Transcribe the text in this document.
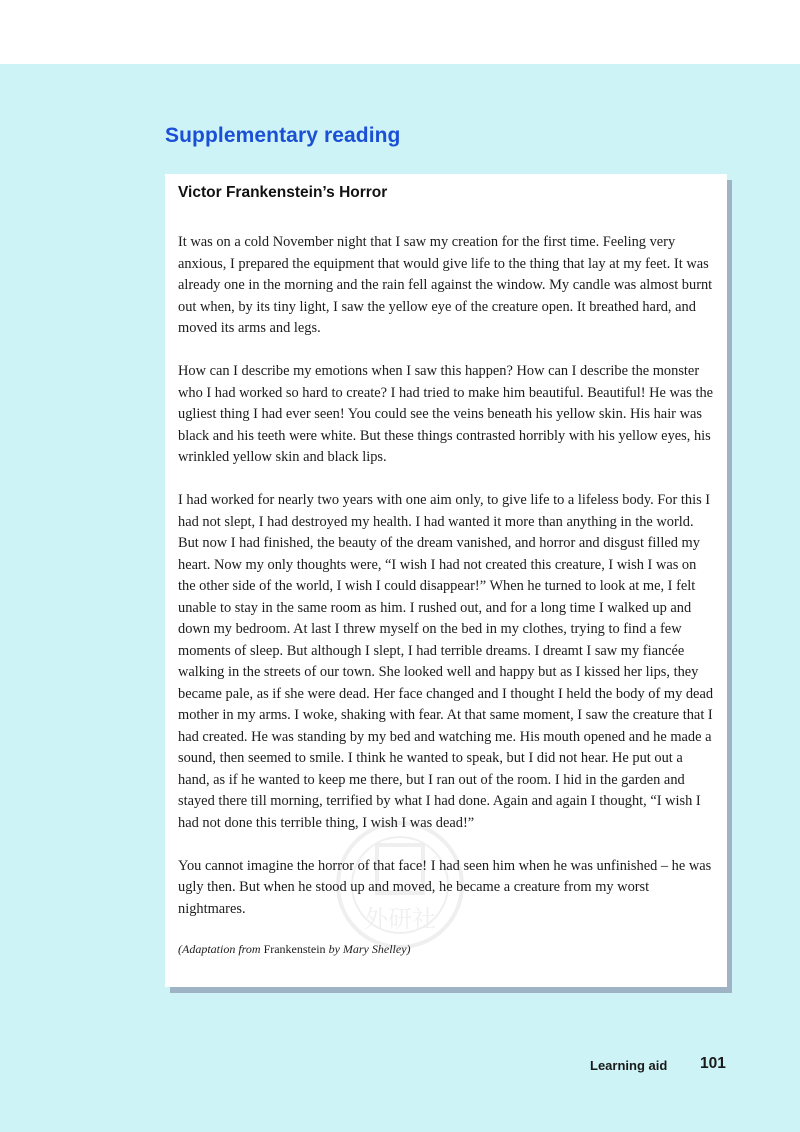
Supplementary reading
Victor Frankenstein’s Horror

It was on a cold November night that I saw my creation for the first time. Feeling very anxious, I prepared the equipment that would give life to the thing that lay at my feet. It was already one in the morning and the rain fell against the window. My candle was almost burnt out when, by its tiny light, I saw the yellow eye of the creature open. It breathed hard, and moved its arms and legs.

How can I describe my emotions when I saw this happen? How can I describe the monster who I had worked so hard to create? I had tried to make him beautiful. Beautiful! He was the ugliest thing I had ever seen! You could see the veins beneath his yellow skin. His hair was black and his teeth were white. But these things contrasted horribly with his yellow eyes, his wrinkled yellow skin and black lips.

I had worked for nearly two years with one aim only, to give life to a lifeless body. For this I had not slept, I had destroyed my health. I had wanted it more than anything in the world. But now I had finished, the beauty of the dream vanished, and horror and disgust filled my heart. Now my only thoughts were, “I wish I had not created this creature, I wish I was on the other side of the world, I wish I could disappear!” When he turned to look at me, I felt unable to stay in the same room as him. I rushed out, and for a long time I walked up and down my bedroom. At last I threw myself on the bed in my clothes, trying to find a few moments of sleep. But although I slept, I had terrible dreams. I dreamt I saw my fiancée walking in the streets of our town. She looked well and happy but as I kissed her lips, they became pale, as if she were dead. Her face changed and I thought I held the body of my dead mother in my arms. I woke, shaking with fear. At that same moment, I saw the creature that I had created. He was standing by my bed and watching me. His mouth opened and he made a sound, then seemed to smile. I think he wanted to speak, but I did not hear. He put out a hand, as if he wanted to keep me there, but I ran out of the room. I hid in the garden and stayed there till morning, terrified by what I had done. Again and again I thought, “I wish I had not done this terrible thing, I wish I was dead!”

You cannot imagine the horror of that face! I had seen him when he was unfinished – he was ugly then. But when he stood up and moved, he became a creature from my worst nightmares.

(Adaptation from Frankenstein by Mary Shelley)
Learning aid 101
